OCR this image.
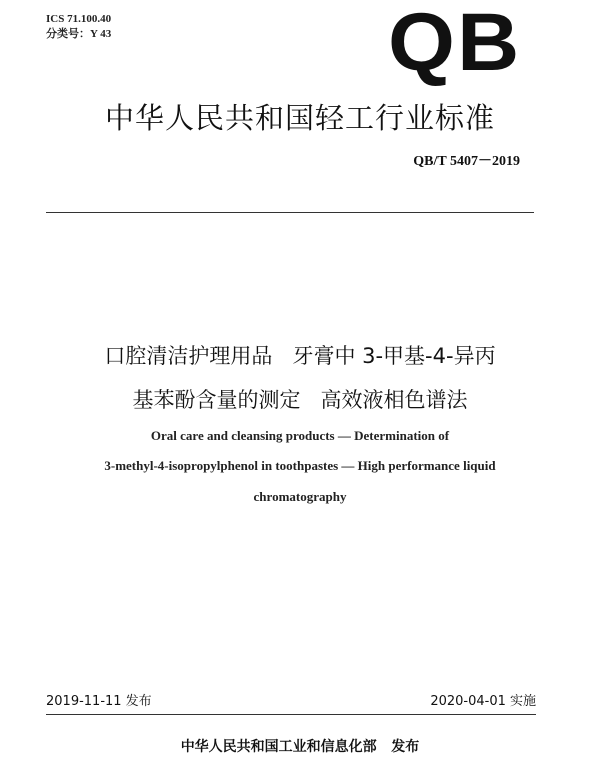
ICS 71.100.40
分类号：Y 43	QB
中华人民共和国轻工行业标准
QB/T 5407－2019
口腔清洁护理用品   牙膏中 3-甲基-4-异丙
基苯酚含量的测定   高效液相色谱法
Oral care and cleansing products — Determination of
3-methyl-4-isopropylphenol in toothpastes — High performance liquid
chromatography
2019-11-11 发布	2020-04-01 实施
中华人民共和国工业和信息化部   发布
